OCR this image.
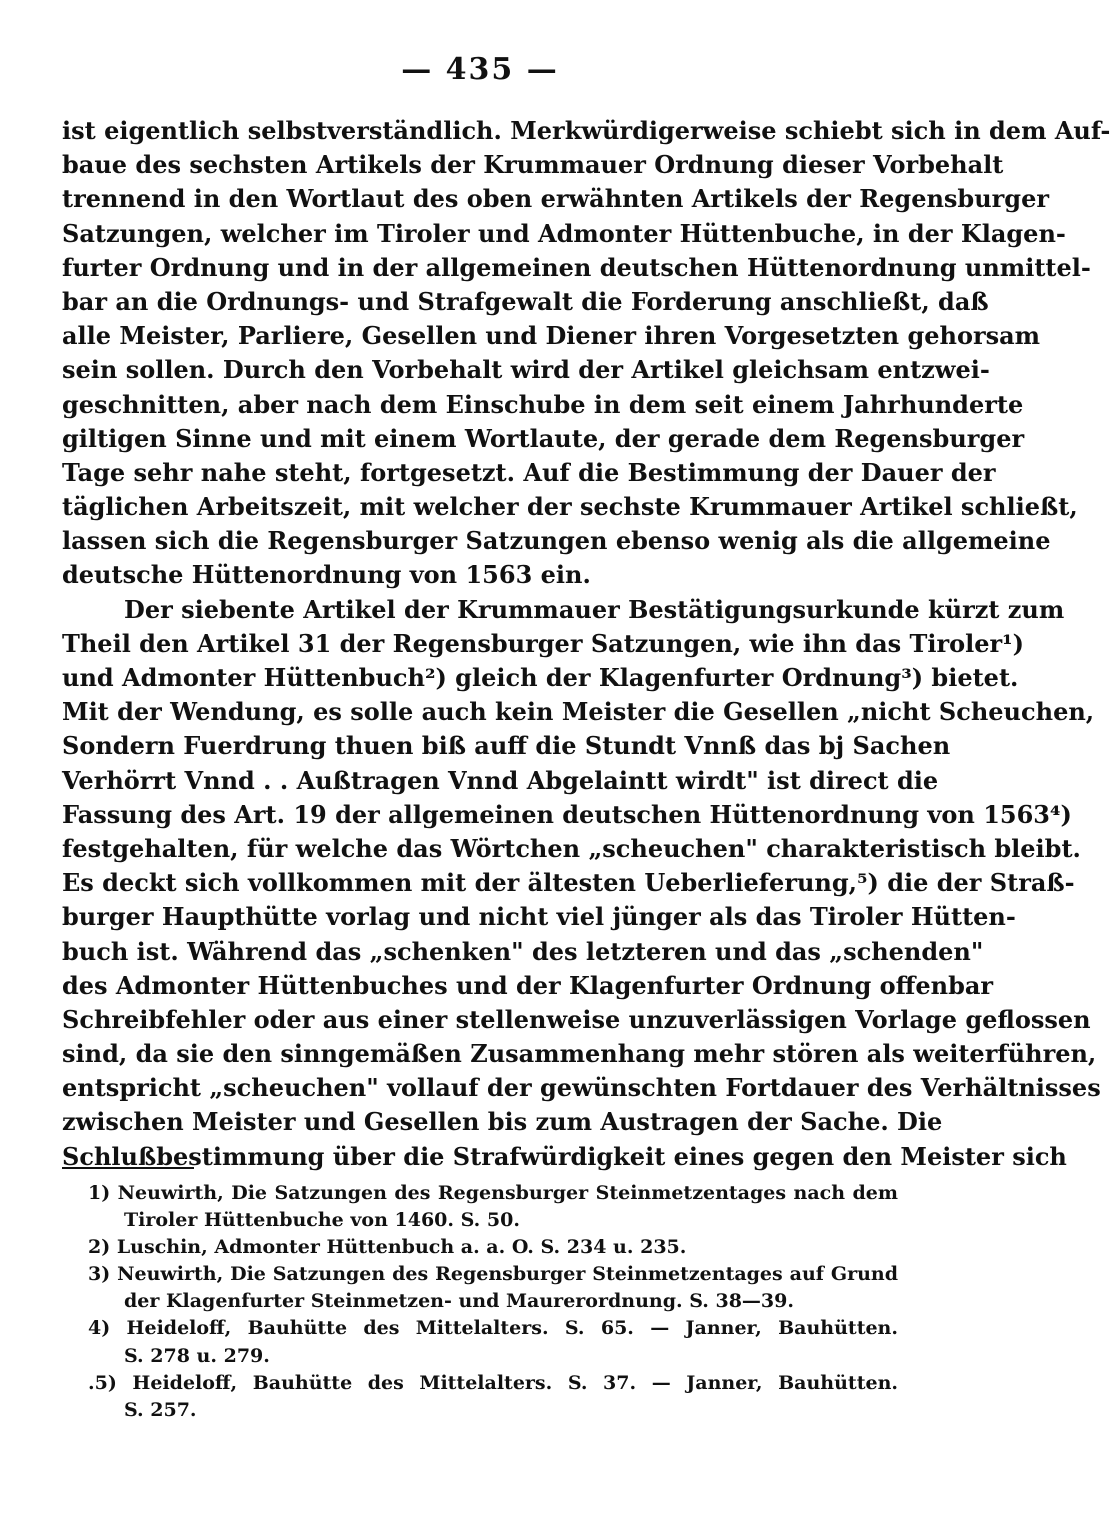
— 435 —
ist eigentlich selbstverständlich. Merkwürdigerweise schiebt sich in dem Auf-
baue des sechsten Artikels der Krummauer Ordnung dieser Vorbehalt
trennend in den Wortlaut des oben erwähnten Artikels der Regensburger
Satzungen, welcher im Tiroler und Admonter Hüttenbuche, in der Klagen-
furter Ordnung und in der allgemeinen deutschen Hüttenordnung unmittel-
bar an die Ordnungs- und Strafgewalt die Forderung anschließt, daß
alle Meister, Parliere, Gesellen und Diener ihren Vorgesetzten gehorsam
sein sollen. Durch den Vorbehalt wird der Artikel gleichsam entzwei-
geschnitten, aber nach dem Einschube in dem seit einem Jahrhunderte
giltigen Sinne und mit einem Wortlaute, der gerade dem Regensburger
Tage sehr nahe steht, fortgesetzt. Auf die Bestimmung der Dauer der
täglichen Arbeitszeit, mit welcher der sechste Krummauer Artikel schließt,
lassen sich die Regensburger Satzungen ebenso wenig als die allgemeine
deutsche Hüttenordnung von 1563 ein.
Der siebente Artikel der Krummauer Bestätigungsurkunde kürzt zum
Theil den Artikel 31 der Regensburger Satzungen, wie ihn das Tiroler¹)
und Admonter Hüttenbuch²) gleich der Klagenfurter Ordnung³) bietet.
Mit der Wendung, es solle auch kein Meister die Gesellen „nicht Scheuchen,
Sondern Fuerdrung thuen biß auff die Stundt Vnnß das bj Sachen
Verhörrt Vnnd . . Außtragen Vnnd Abgelaintt wirdt" ist direct die
Fassung des Art. 19 der allgemeinen deutschen Hüttenordnung von 1563⁴)
festgehalten, für welche das Wörtchen „scheuchen" charakteristisch bleibt.
Es deckt sich vollkommen mit der ältesten Ueberlieferung,⁵) die der Straß-
burger Haupthütte vorlag und nicht viel jünger als das Tiroler Hütten-
buch ist. Während das „schenken" des letzteren und das „schenden"
des Admonter Hüttenbuches und der Klagenfurter Ordnung offenbar
Schreibfehler oder aus einer stellenweise unzuverlässigen Vorlage geflossen
sind, da sie den sinngemäßen Zusammenhang mehr stören als weiterführen,
entspricht „scheuchen" vollauf der gewünschten Fortdauer des Verhältnisses
zwischen Meister und Gesellen bis zum Austragen der Sache. Die
Schlußbestimmung über die Strafwürdigkeit eines gegen den Meister sich
1) Neuwirth, Die Satzungen des Regensburger Steinmetzentages nach dem
Tiroler Hüttenbuche von 1460. S. 50.
2) Luschin, Admonter Hüttenbuch a. a. O. S. 234 u. 235.
3) Neuwirth, Die Satzungen des Regensburger Steinmetzentages auf Grund
der Klagenfurter Steinmetzen- und Maurerordnung. S. 38—39.
4) Heideloff, Bauhütte des Mittelalters. S. 65. — Janner, Bauhütten.
S. 278 u. 279.
.5) Heideloff, Bauhütte des Mittelalters. S. 37. — Janner, Bauhütten.
S. 257.
